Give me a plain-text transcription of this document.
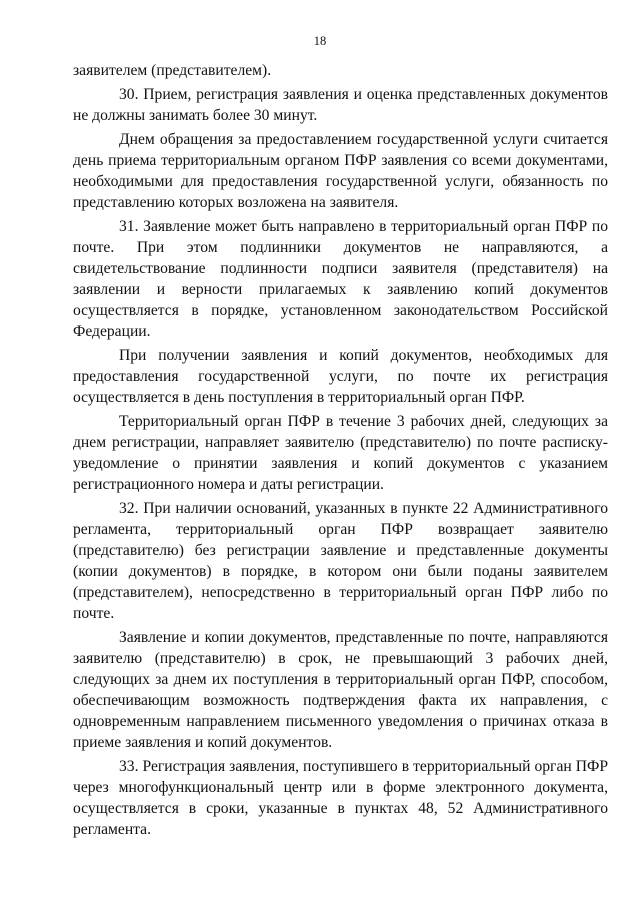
18

заявителем (представителем).

30. Прием, регистрация заявления и оценка представленных документов не должны занимать более 30 минут.

Днем обращения за предоставлением государственной услуги считается день приема территориальным органом ПФР заявления со всеми документами, необходимыми для предоставления государственной услуги, обязанность по представлению которых возложена на заявителя.

31. Заявление может быть направлено в территориальный орган ПФР по почте. При этом подлинники документов не направляются, а свидетельствование подлинности подписи заявителя (представителя) на заявлении и верности прилагаемых к заявлению копий документов осуществляется в порядке, установленном законодательством Российской Федерации.

При получении заявления и копий документов, необходимых для предоставления государственной услуги, по почте их регистрация осуществляется в день поступления в территориальный орган ПФР.

Территориальный орган ПФР в течение 3 рабочих дней, следующих за днем регистрации, направляет заявителю (представителю) по почте расписку-уведомление о принятии заявления и копий документов с указанием регистрационного номера и даты регистрации.

32. При наличии оснований, указанных в пункте 22 Административного регламента, территориальный орган ПФР возвращает заявителю (представителю) без регистрации заявление и представленные документы (копии документов) в порядке, в котором они были поданы заявителем (представителем), непосредственно в территориальный орган ПФР либо по почте.

Заявление и копии документов, представленные по почте, направляются заявителю (представителю) в срок, не превышающий 3 рабочих дней, следующих за днем их поступления в территориальный орган ПФР, способом, обеспечивающим возможность подтверждения факта их направления, с одновременным направлением письменного уведомления о причинах отказа в приеме заявления и копий документов.

33. Регистрация заявления, поступившего в территориальный орган ПФР через многофункциональный центр или в форме электронного документа, осуществляется в сроки, указанные в пунктах 48, 52 Административного регламента.
